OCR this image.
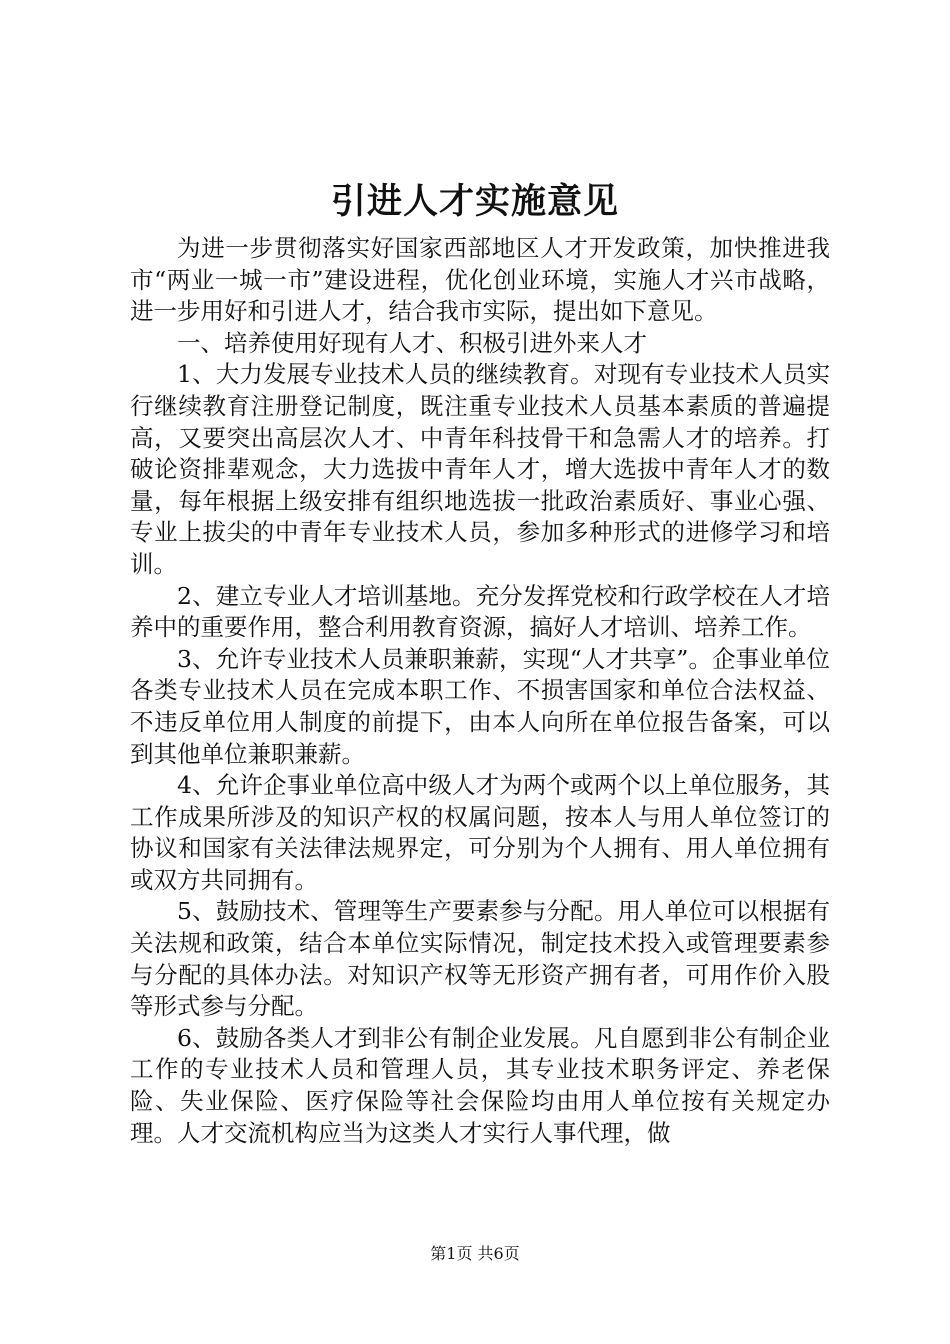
引进人才实施意见

为进一步贯彻落实好国家西部地区人才开发政策，加快推进我市“两业一城一市”建设进程，优化创业环境，实施人才兴市战略，进一步用好和引进人才，结合我市实际，提出如下意见。

一、培养使用好现有人才、积极引进外来人才

1、大力发展专业技术人员的继续教育。对现有专业技术人员实行继续教育注册登记制度，既注重专业技术人员基本素质的普遍提高，又要突出高层次人才、中青年科技骨干和急需人才的培养。打破论资排辈观念，大力选拔中青年人才，增大选拔中青年人才的数量，每年根据上级安排有组织地选拔一批政治素质好、事业心强、专业上拔尖的中青年专业技术人员，参加多种形式的进修学习和培训。

2、建立专业人才培训基地。充分发挥党校和行政学校在人才培养中的重要作用，整合利用教育资源，搞好人才培训、培养工作。

3、允许专业技术人员兼职兼薪，实现“人才共享”。企事业单位各类专业技术人员在完成本职工作、不损害国家和单位合法权益、不违反单位用人制度的前提下，由本人向所在单位报告备案，可以到其他单位兼职兼薪。

4、允许企事业单位高中级人才为两个或两个以上单位服务，其工作成果所涉及的知识产权的权属问题，按本人与用人单位签订的协议和国家有关法律法规界定，可分别为个人拥有、用人单位拥有或双方共同拥有。

5、鼓励技术、管理等生产要素参与分配。用人单位可以根据有关法规和政策，结合本单位实际情况，制定技术投入或管理要素参与分配的具体办法。对知识产权等无形资产拥有者，可用作价入股等形式参与分配。

6、鼓励各类人才到非公有制企业发展。凡自愿到非公有制企业工作的专业技术人员和管理人员，其专业技术职务评定、养老保险、失业保险、医疗保险等社会保险均由用人单位按有关规定办理。人才交流机构应当为这类人才实行人事代理，做

第1页 共6页
